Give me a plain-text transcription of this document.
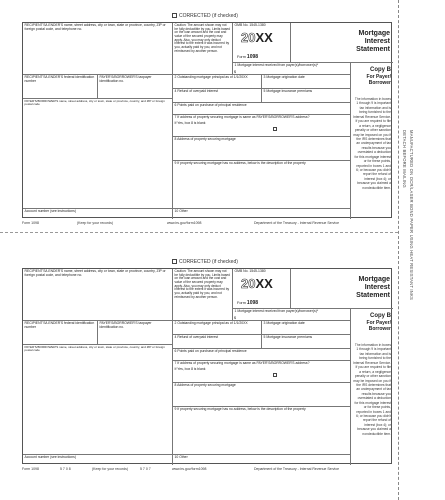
DETACH BEFORE MAILING MANUFACTURED ON OCR/LASER BOND PAPER USING HEAT RESISTANT INKS
CORRECTED (if checked)
RECIPIENT'S/LENDER'S name, street address, city or town, state or province, country, ZIP or foreign postal code, and telephone no.
Caution: The amount shown may not be fully deductible by you. Limits based on the loan amount and the cost and value of the secured property may apply. Also, you may only deduct interest to the extent it was incurred by you, actually paid by you, and not reimbursed by another person.
OMB No. 1545-1380
20XX
Form 1098
Mortgage
Interest
Statement
1 Mortgage interest received from payer(s)/borrower(s)*
$	Copy B
For Payer/
Borrower
The information in boxes 1 through 9 is important tax information and is being furnished to the Internal Revenue Service. If you are required to file a return, a negligence penalty or other sanction may be imposed on you if the IRS determines that an underpayment of tax results because you overstated a deduction for this mortgage interest or for these points, reported in boxes 1 and 6; or because you didn't report the refund of interest (box 4); or because you claimed a nondeductible item.
RECIPIENT'S/LENDER'S federal identification number
PAYER'S/BORROWER'S taxpayer identification no.
2 Outstanding mortgage principal as of 1/1/20XX	3 Mortgage origination date
4 Refund of overpaid interest	5 Mortgage insurance premiums
PAYER'S/BORROWER'S name, street address, city or town, state or province, country, and ZIP or foreign postal code	6 Points paid on purchase of principal residence
7 If address of property securing mortgage is same as PAYER'S/BORROWER'S address?
If Yes, box 8 is blank
8 Address of property securing mortgage
9 If property securing mortgage has no address, below is the description of the property
Account number (see instructions)	10 Other
Form 1098	(Keep for your records)	www.irs.gov/form1098	Department of the Treasury - Internal Revenue Service
CORRECTED (if checked)
RECIPIENT'S/LENDER'S name, street address, city or town, state or province, country, ZIP or foreign postal code, and telephone no.
Caution: The amount shown may not be fully deductible by you. Limits based on the loan amount and the cost and value of the secured property may apply. Also, you may only deduct interest to the extent it was incurred by you, actually paid by you, and not reimbursed by another person.
OMB No. 1545-1380
20XX
Form 1098
Mortgage
Interest
Statement
1 Mortgage interest received from payer(s)/borrower(s)*
$	Copy B
For Payer/
Borrower
The information in boxes 1 through 9 is important tax information and is being furnished to the Internal Revenue Service. If you are required to file a return, a negligence penalty or other sanction may be imposed on you if the IRS determines that an underpayment of tax results because you overstated a deduction for this mortgage interest or for these points, reported in boxes 1 and 6; or because you didn't report the refund of interest (box 4); or because you claimed a nondeductible item.
RECIPIENT'S/LENDER'S federal identification number
PAYER'S/BORROWER'S taxpayer identification no.
2 Outstanding mortgage principal as of 1/1/20XX	3 Mortgage origination date
4 Refund of overpaid interest	5 Mortgage insurance premiums
PAYER'S/BORROWER'S name, street address, city or town, state or province, country, and ZIP or foreign postal code	6 Points paid on purchase of principal residence
7 If address of property securing mortgage is same as PAYER'S/BORROWER'S address?
If Yes, box 8 is blank
8 Address of property securing mortgage
9 If property securing mortgage has no address, below is the description of the property
Account number (see instructions)	10 Other
Form 1098	5 7 0 8	(Keep for your records)	5 7 0 7	www.irs.gov/form1098	Department of the Treasury - Internal Revenue Service
